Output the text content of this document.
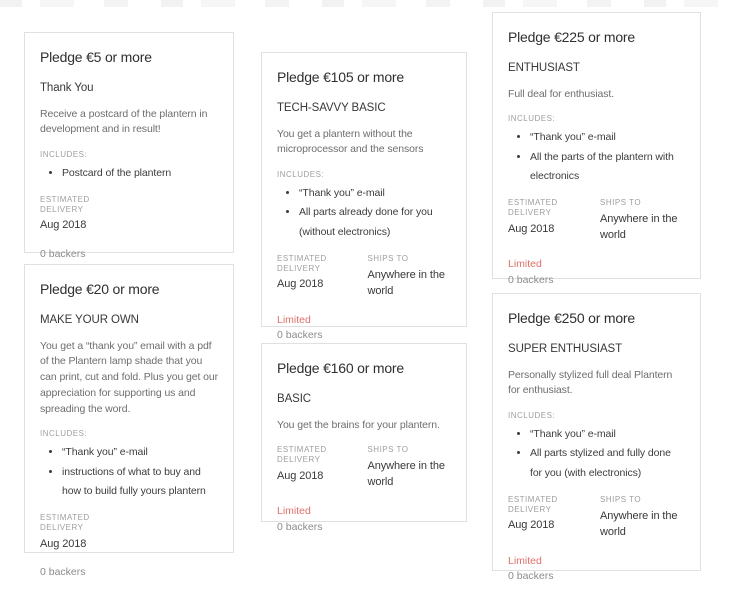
Pledge €5 or more
Thank You

Receive a postcard of the plantern in development and in result!

INCLUDES:

• Postcard of the plantern

ESTIMATED DELIVERY

Aug 2018

0 backers
Pledge €20 or more
MAKE YOUR OWN

You get a “thank you” email with a pdf of the Plantern lamp shade that you can print, cut and fold. Plus you get our appreciation for supporting us and spreading the word.

INCLUDES:

• “Thank you” e-mail
• instructions of what to buy and how to build fully yours plantern

ESTIMATED DELIVERY

Aug 2018

0 backers
Pledge €105 or more
TECH-SAVVY BASIC

You get a plantern without the microprocessor and the sensors

INCLUDES:

• “Thank you” e-mail
• All parts already done for you (without electronics)

ESTIMATED DELIVERY

Aug 2018

SHIPS TO

Anywhere in the world

Limited
0 backers
Pledge €160 or more
BASIC

You get the brains for your plantern.

ESTIMATED DELIVERY

Aug 2018

SHIPS TO

Anywhere in the world

Limited
0 backers
Pledge €225 or more
ENTHUSIAST

Full deal for enthusiast.

INCLUDES:

• “Thank you” e-mail
• All the parts of the plantern with electronics

ESTIMATED DELIVERY

Aug 2018

SHIPS TO

Anywhere in the world

Limited
0 backers
Pledge €250 or more
SUPER ENTHUSIAST

Personally stylized full deal Plantern for enthusiast.

INCLUDES:

• “Thank you” e-mail
• All parts stylized and fully done for you (with electronics)

ESTIMATED DELIVERY

Aug 2018

SHIPS TO

Anywhere in the world

Limited
0 backers
